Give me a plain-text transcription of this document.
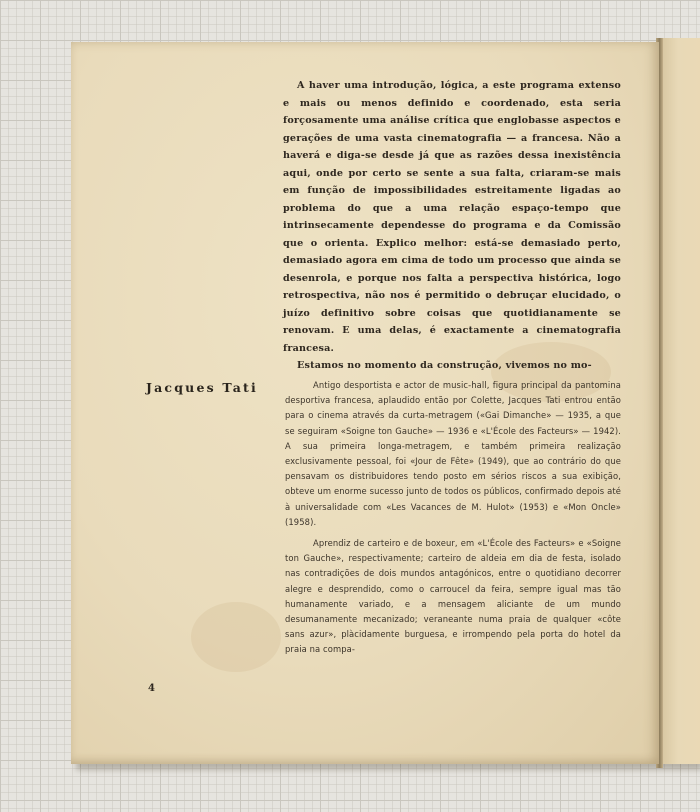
A haver uma introdução, lógica, a este programa extenso e mais ou menos definido e coordenado, esta seria forçosamente uma análise crítica que englobasse aspectos e gerações de uma vasta cinematografia — a francesa. Não a haverá e diga-se desde já que as razões dessa inexistência aqui, onde por certo se sente a sua falta, criaram-se mais em função de impossibilidades estreitamente ligadas ao problema do que a uma relação espaço-tempo que intrinsecamente dependesse do programa e da Comissão que o orienta. Explico melhor: está-se demasiado perto, demasiado agora em cima de todo um processo que ainda se desenrola, e porque nos falta a perspectiva histórica, logo retrospectiva, não nos é permitido o debruçar elucidado, o juízo definitivo sobre coisas que quotidianamente se renovam. E uma delas, é exactamente a cinematografia francesa.

Estamos no momento da construção, vivemos no mo-

Jacques Tati	Antigo desportista e actor de music-hall, figura principal da pantomina desportiva francesa, aplaudido então por Colette, Jacques Tati entrou então para o cinema através da curta-metragem («Gai Dimanche» — 1935, a que se seguiram «Soigne ton Gauche» — 1936 e «L'École des Facteurs» — 1942). A sua primeira longa-metragem, e também primeira realização exclusivamente pessoal, foi «Jour de Fête» (1949), que ao contrário do que pensavam os distribuidores tendo posto em sérios riscos a sua exibição, obteve um enorme sucesso junto de todos os públicos, confirmado depois até à universalidade com «Les Vacances de M. Hulot» (1953) e «Mon Oncle» (1958).

Aprendiz de carteiro e de boxeur, em «L'École des Facteurs» e «Soigne ton Gauche», respectivamente; carteiro de aldeia em dia de festa, isolado nas contradições de dois mundos antagónicos, entre o quotidiano decorrer alegre e desprendido, como o carroucel da feira, sempre igual mas tão humanamente variado, e a mensagem aliciante de um mundo desumanamente mecanizado; veraneante numa praia de qualquer «côte sans azur», plàcidamente burguesa, e irrompendo pela porta do hotel da praia na compa-

4
